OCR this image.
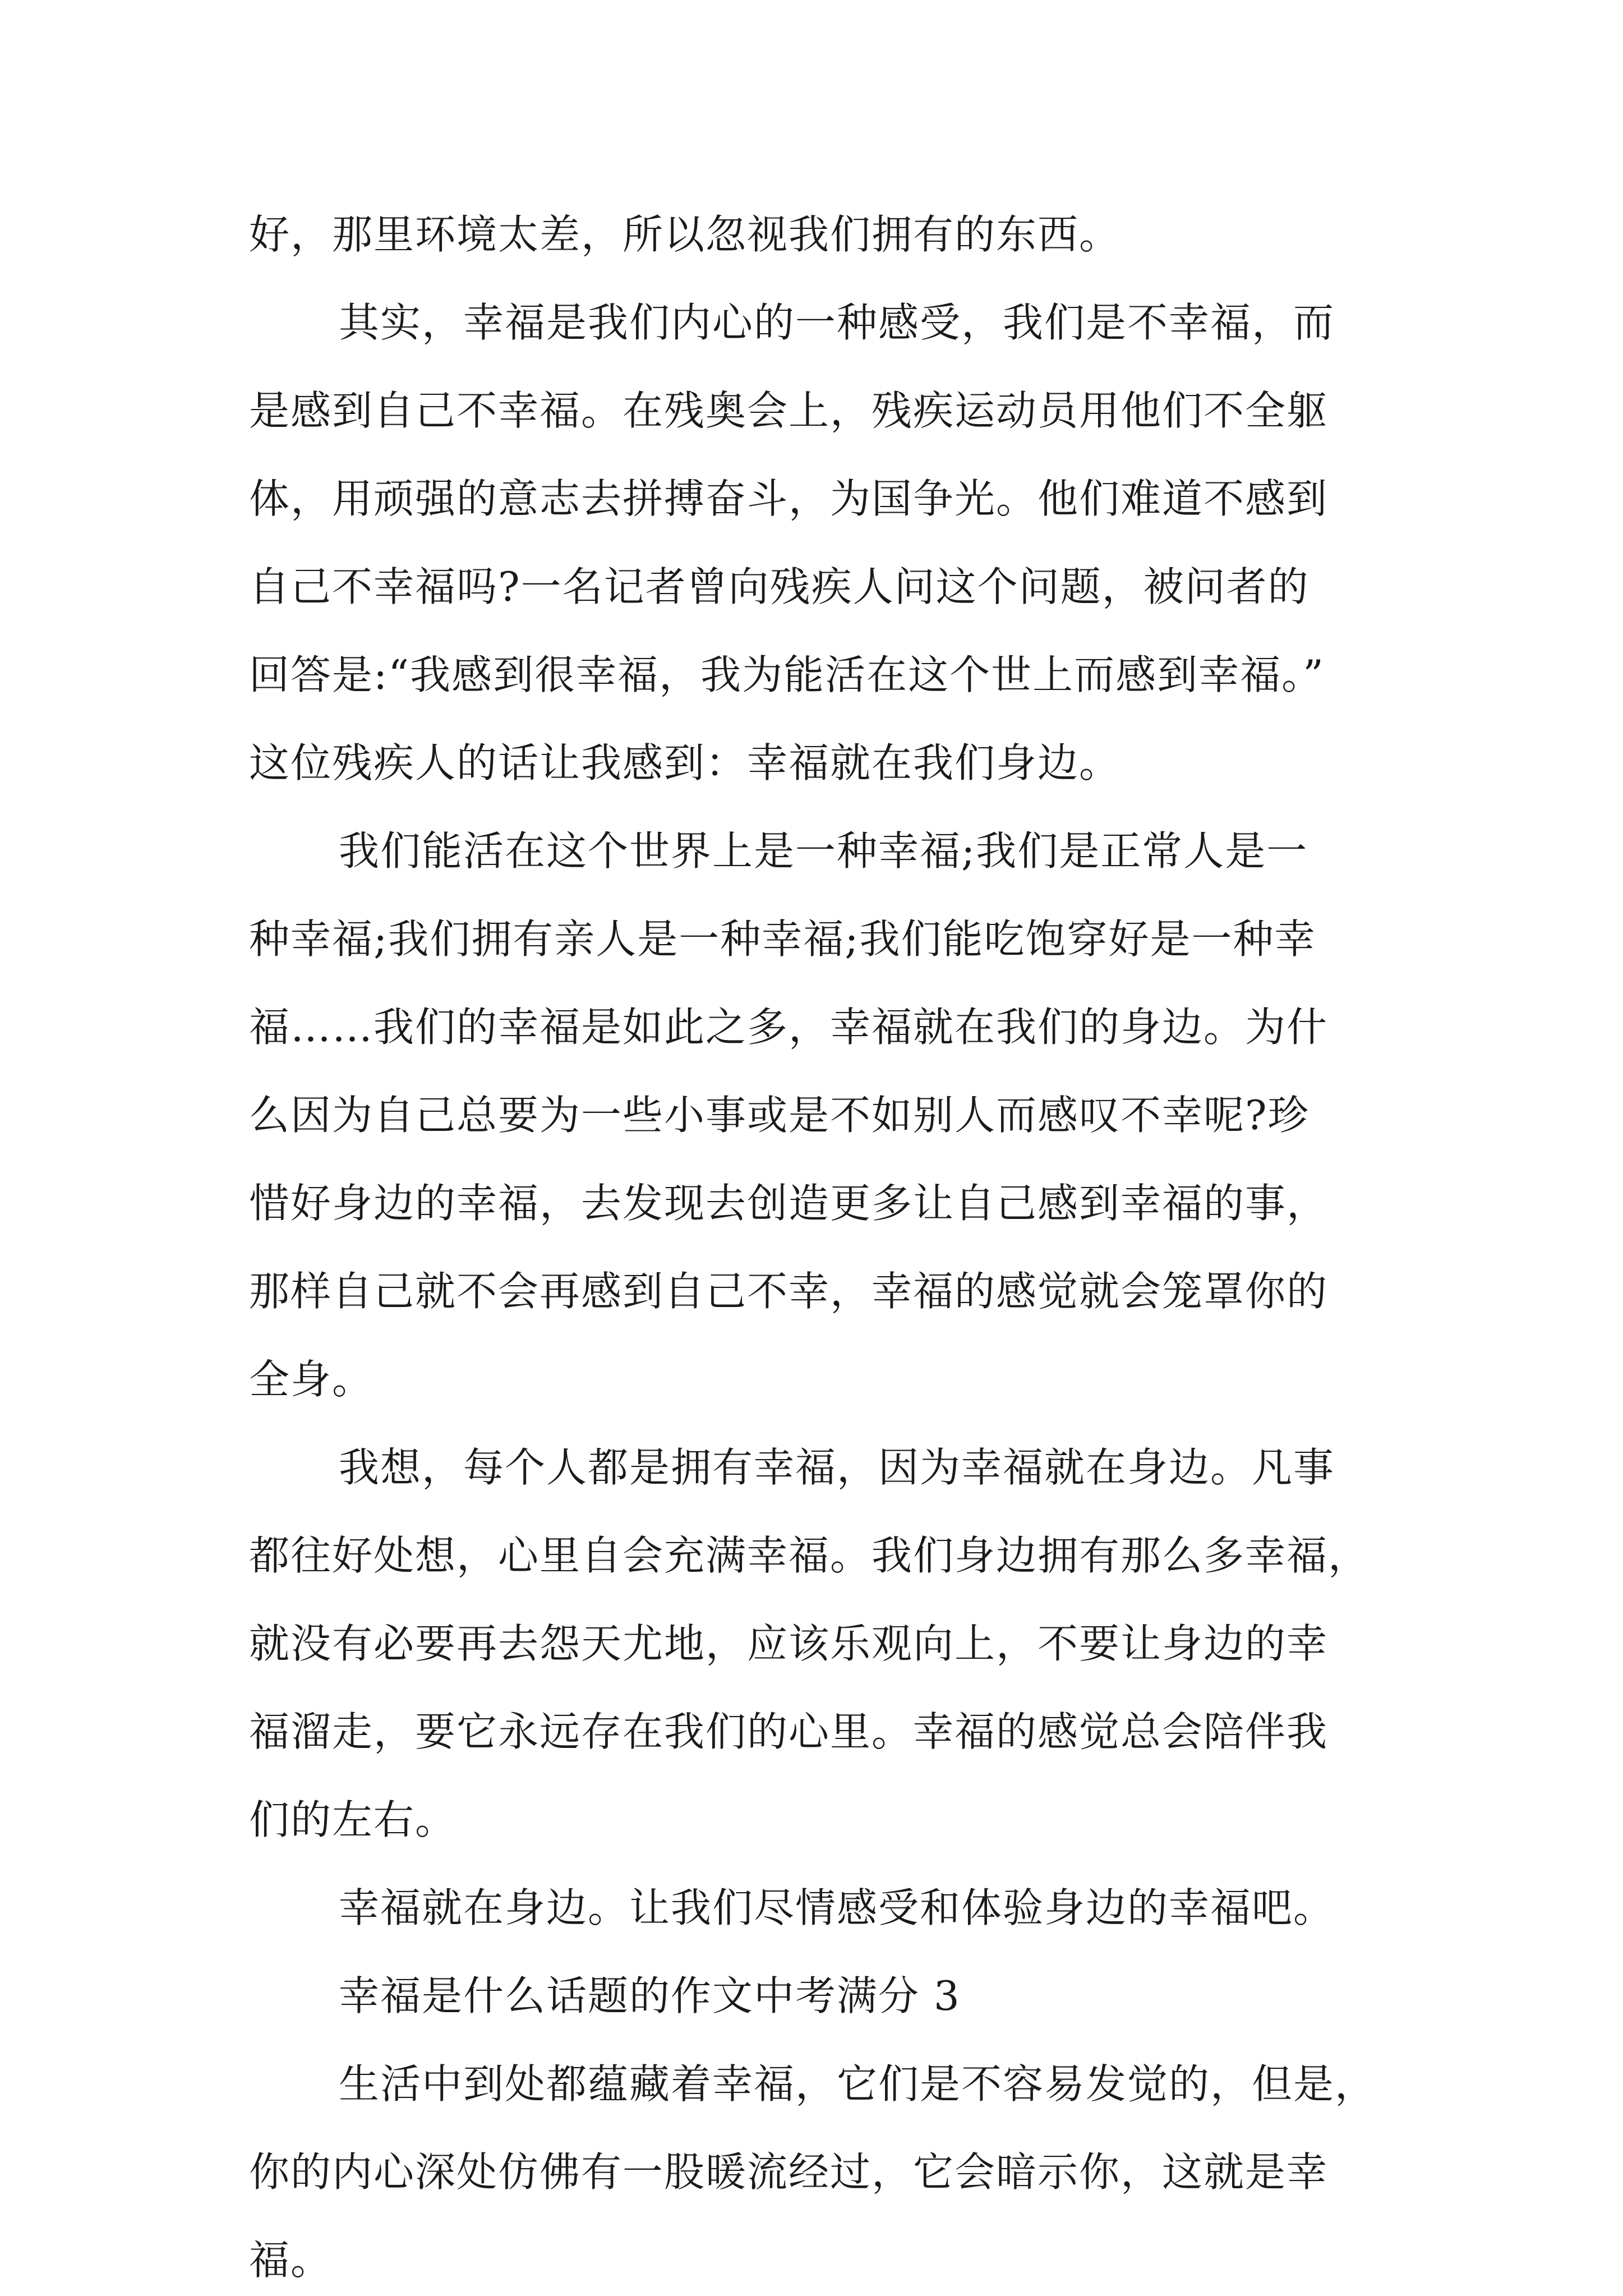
好，那里环境太差，所以忽视我们拥有的东西。
其实，幸福是我们内心的一种感受，我们是不幸福，而
是感到自己不幸福。在残奥会上，残疾运动员用他们不全躯
体，用顽强的意志去拼搏奋斗，为国争光。他们难道不感到
自己不幸福吗?一名记者曾向残疾人问这个问题，被问者的
回答是:“我感到很幸福，我为能活在这个世上而感到幸福。”
这位残疾人的话让我感到：幸福就在我们身边。
我们能活在这个世界上是一种幸福;我们是正常人是一
种幸福;我们拥有亲人是一种幸福;我们能吃饱穿好是一种幸
福……我们的幸福是如此之多，幸福就在我们的身边。为什
么因为自己总要为一些小事或是不如别人而感叹不幸呢?珍
惜好身边的幸福，去发现去创造更多让自己感到幸福的事，
那样自己就不会再感到自己不幸，幸福的感觉就会笼罩你的
全身。
我想，每个人都是拥有幸福，因为幸福就在身边。凡事
都往好处想，心里自会充满幸福。我们身边拥有那么多幸福，
就没有必要再去怨天尤地，应该乐观向上，不要让身边的幸
福溜走，要它永远存在我们的心里。幸福的感觉总会陪伴我
们的左右。
幸福就在身边。让我们尽情感受和体验身边的幸福吧。
幸福是什么话题的作文中考满分 3
生活中到处都蕴藏着幸福，它们是不容易发觉的，但是，
你的内心深处仿佛有一股暖流经过，它会暗示你，这就是幸
福。
